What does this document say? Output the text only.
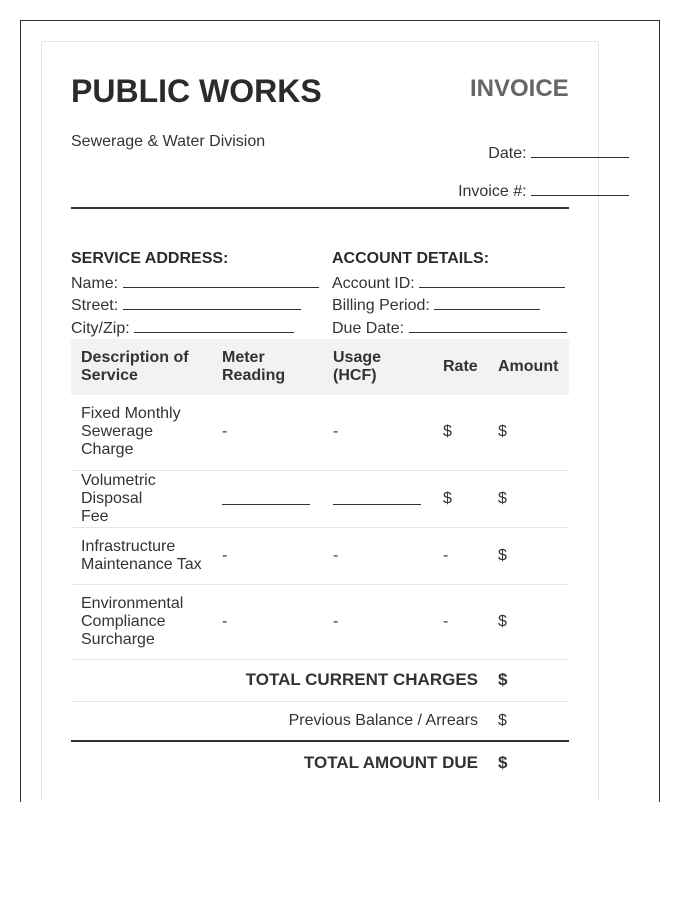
PUBLIC WORKS
Sewerage & Water Division
INVOICE
Date:
Invoice #:
SERVICE ADDRESS:
Name:
Street:
City/Zip:
ACCOUNT DETAILS:
Account ID:
Billing Period:
Due Date:
Description of Service	Meter Reading	Usage (HCF)	Rate	Amount
Fixed Monthly Sewerage Charge	-	-	$	$
Volumetric Disposal Fee			$	$
Infrastructure Maintenance Tax	-	-	-	$
Environmental Compliance Surcharge	-	-	-	$
TOTAL CURRENT CHARGES				$
Previous Balance / Arrears				$
TOTAL AMOUNT DUE				$
